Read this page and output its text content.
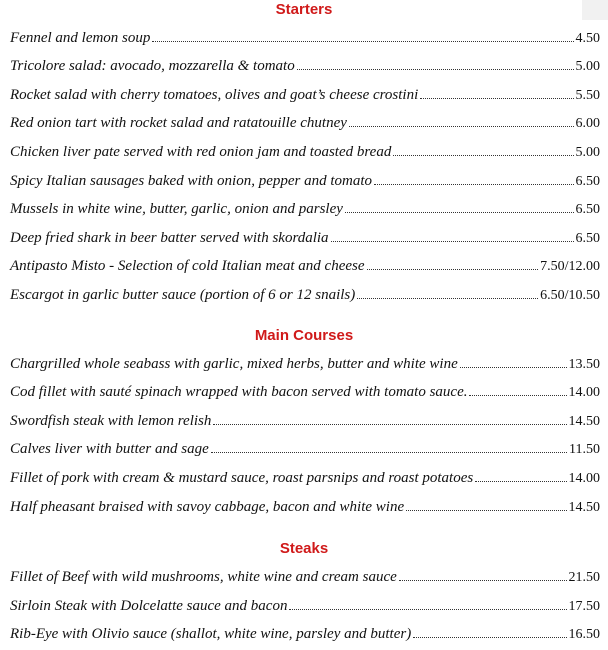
Starters
Fennel and lemon soup	4.50
Tricolore salad: avocado, mozzarella & tomato	5.00
Rocket salad with cherry tomatoes, olives and goat’s cheese crostini	5.50
Red onion tart with rocket salad and ratatouille chutney	6.00
Chicken liver pate served with red onion jam and toasted bread	5.00
Spicy Italian sausages baked with onion, pepper and tomato	6.50
Mussels in white wine, butter, garlic, onion and parsley	6.50
Deep fried shark in beer batter served with skordalia	6.50
Antipasto Misto - Selection of cold Italian meat and cheese	7.50/12.00
Escargot in garlic butter sauce (portion of 6 or 12 snails)	6.50/10.50
Main Courses
Chargrilled whole seabass with garlic, mixed herbs, butter and white wine	13.50
Cod fillet with sauté spinach wrapped with bacon served with tomato sauce.	14.00
Swordfish steak with lemon relish	14.50
Calves liver with butter and sage	11.50
Fillet of pork with cream & mustard sauce, roast parsnips and roast potatoes	14.00
Half pheasant braised with savoy cabbage, bacon and white wine	14.50
Steaks
Fillet of Beef with wild mushrooms, white wine and cream sauce	21.50
Sirloin Steak with Dolcelatte sauce and bacon	17.50
Rib-Eye with Olivio sauce (shallot, white wine, parsley and butter)	16.50
